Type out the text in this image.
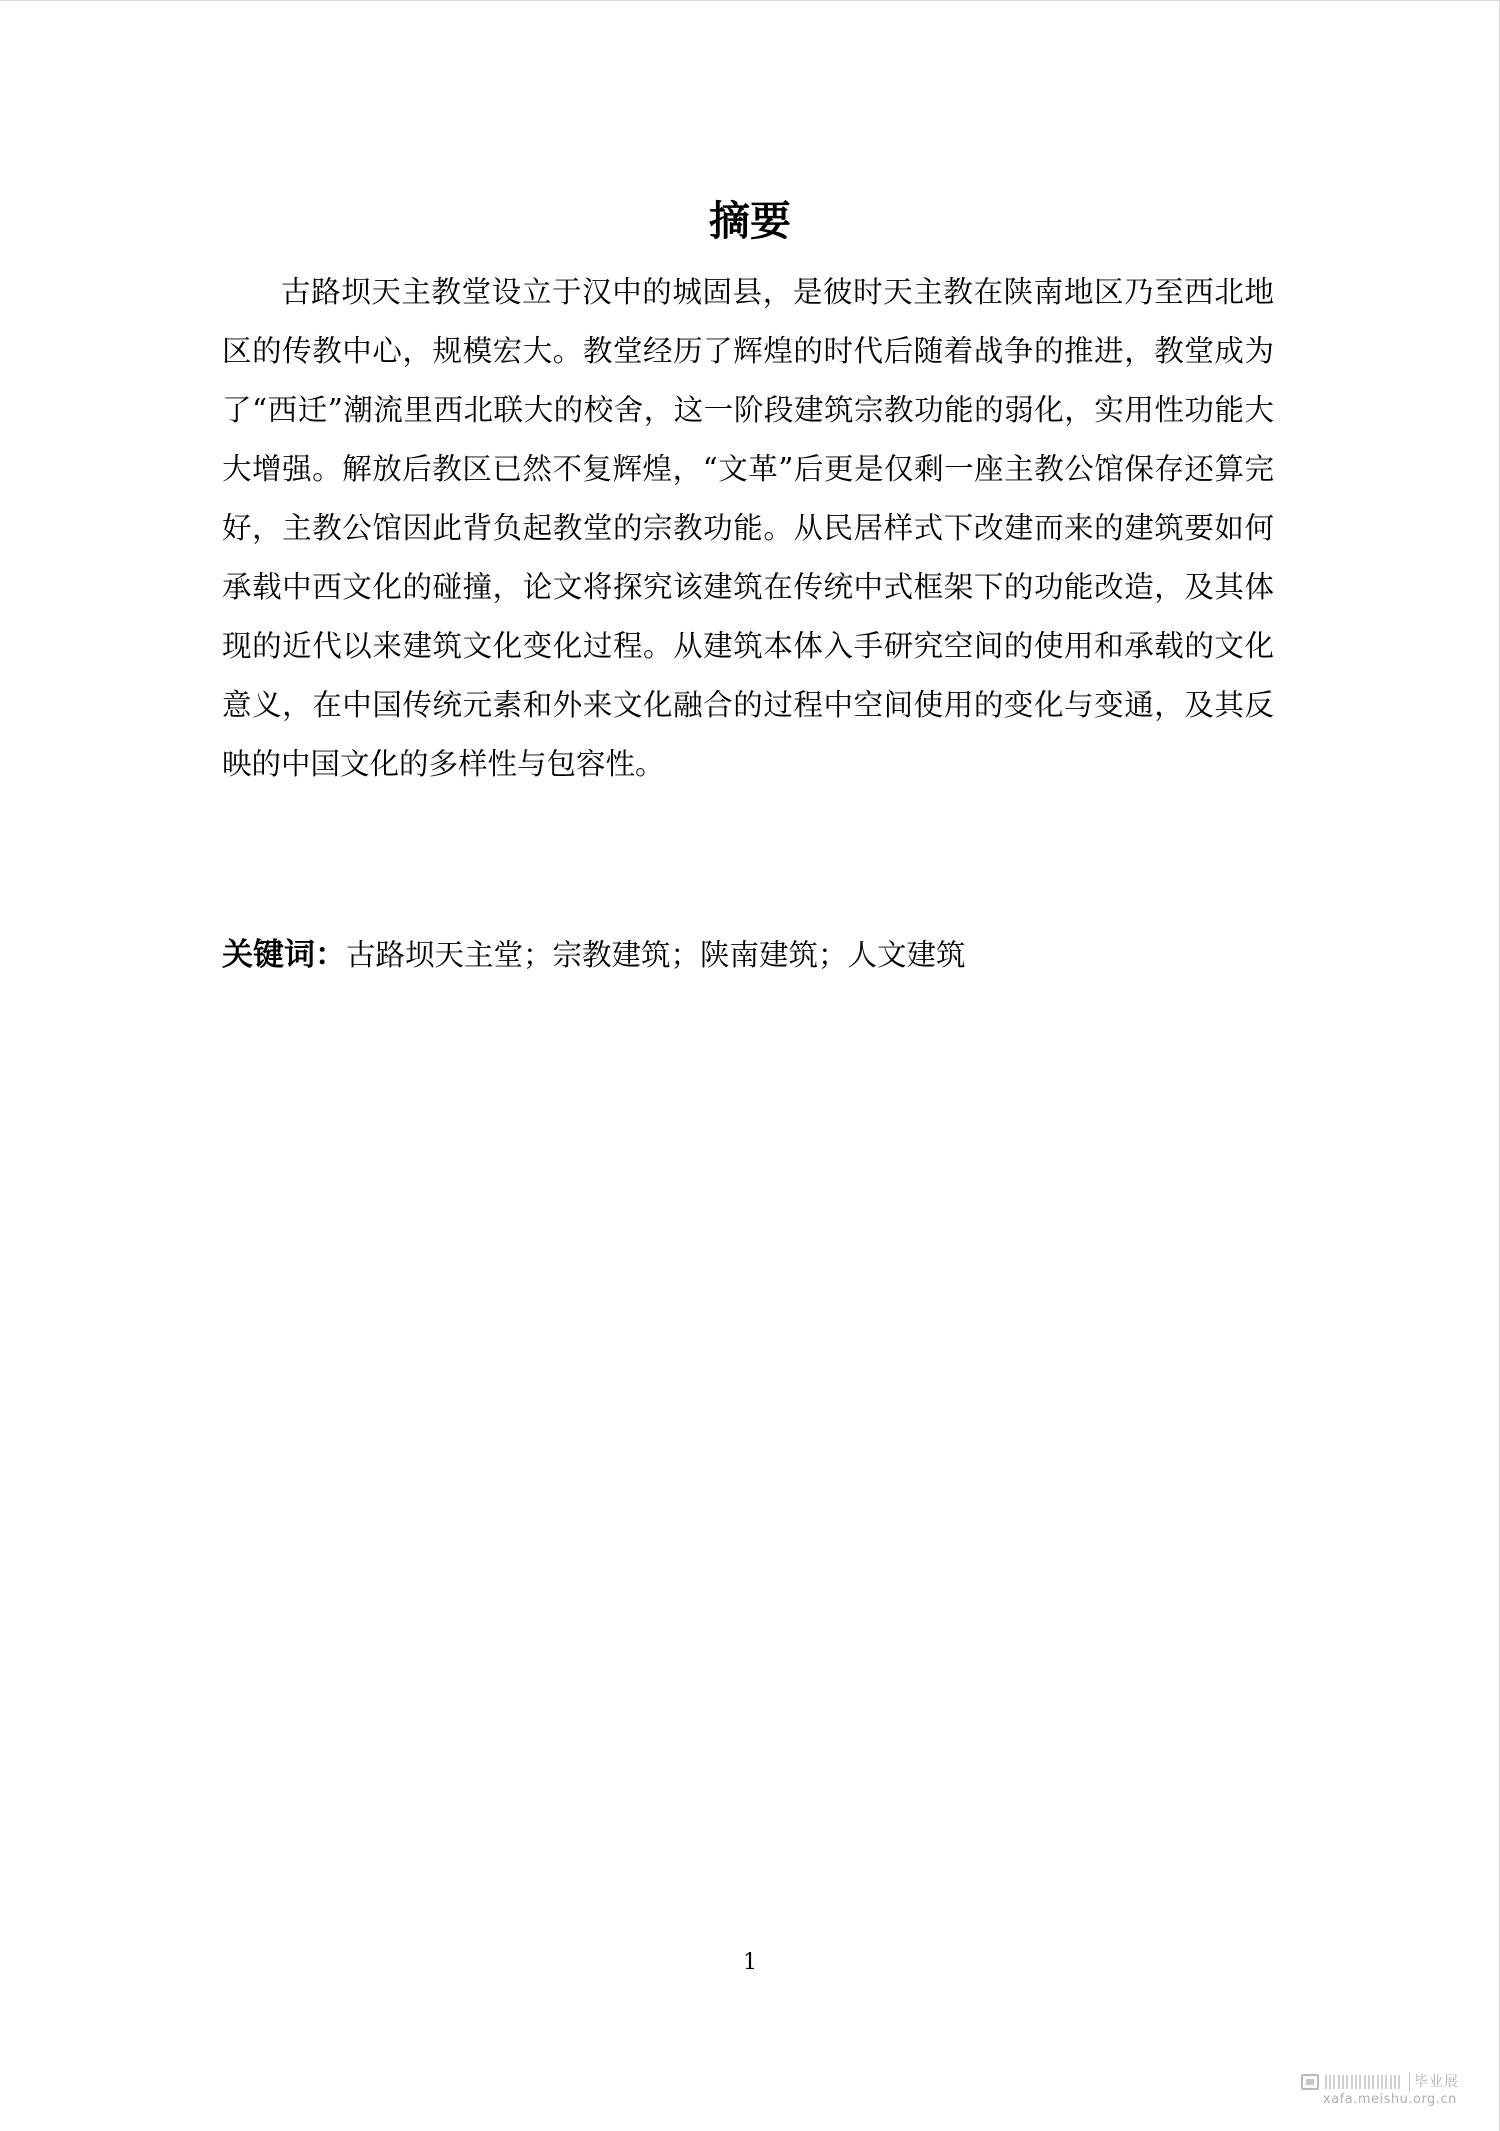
摘要

古路坝天主教堂设立于汉中的城固县，是彼时天主教在陕南地区乃至西北地区的传教中心，规模宏大。教堂经历了辉煌的时代后随着战争的推进，教堂成为了“西迁”潮流里西北联大的校舍，这一阶段建筑宗教功能的弱化，实用性功能大大增强。解放后教区已然不复辉煌，“文革”后更是仅剩一座主教公馆保存还算完好，主教公馆因此背负起教堂的宗教功能。从民居样式下改建而来的建筑要如何承载中西文化的碰撞，论文将探究该建筑在传统中式框架下的功能改造，及其体现的近代以来建筑文化变化过程。从建筑本体入手研究空间的使用和承载的文化意义，在中国传统元素和外来文化融合的过程中空间使用的变化与变通，及其反映的中国文化的多样性与包容性。

关键词：古路坝天主堂；宗教建筑；陕南建筑；人文建筑
1
毕业展
xafa.meishu.org.cn
